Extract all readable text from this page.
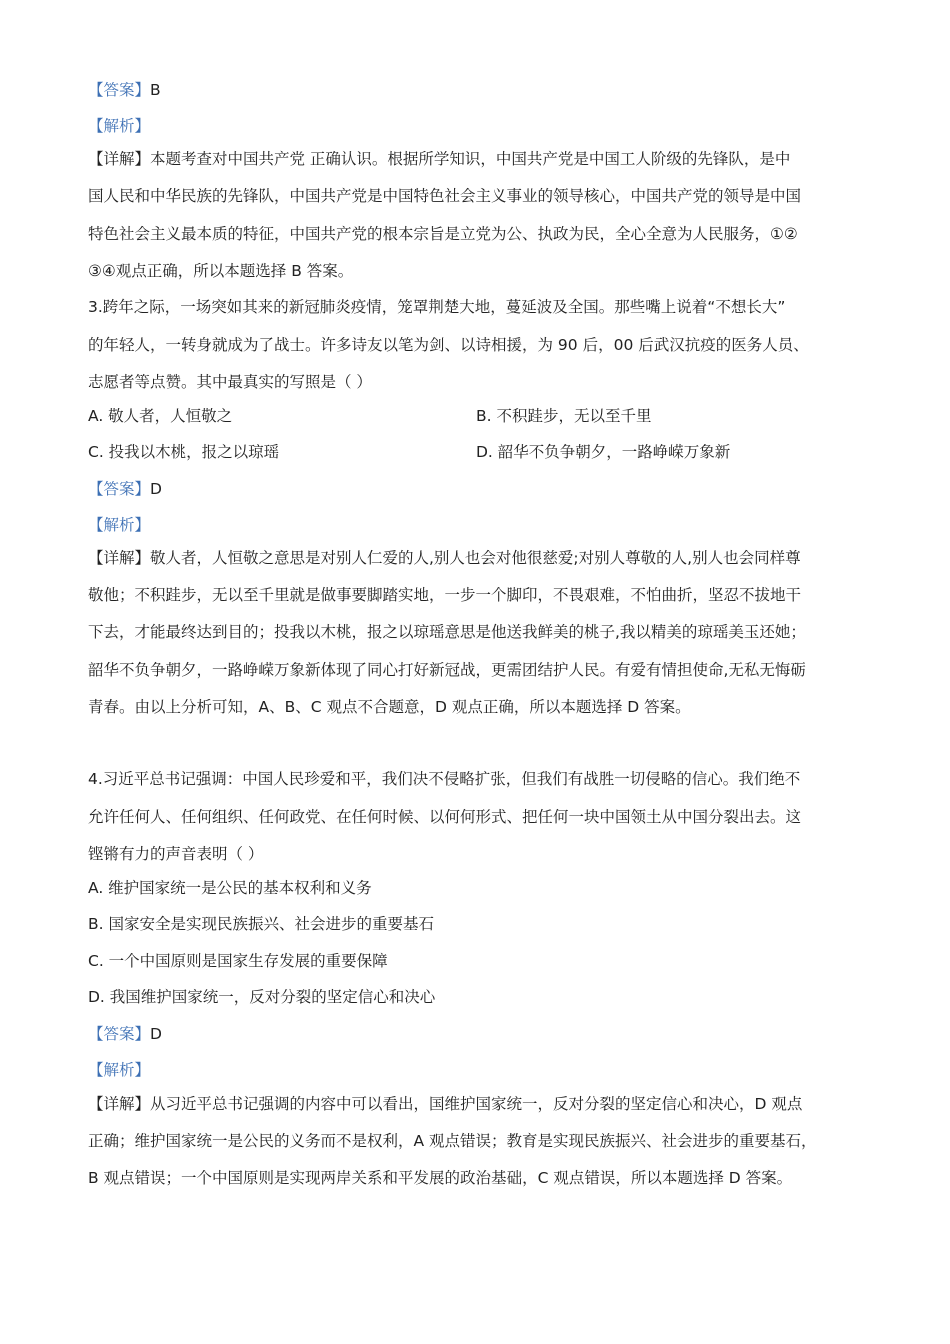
【答案】B
【解析】
【详解】本题考查对中国共产党 正确认识。根据所学知识，中国共产党是中国工人阶级的先锋队，是中
国人民和中华民族的先锋队，中国共产党是中国特色社会主义事业的领导核心，中国共产党的领导是中国
特色社会主义最本质的特征，中国共产党的根本宗旨是立党为公、执政为民，全心全意为人民服务，①②
③④观点正确，所以本题选择 B 答案。
3.跨年之际，一场突如其来的新冠肺炎疫情，笼罩荆楚大地，蔓延波及全国。那些嘴上说着“不想长大”
的年轻人，一转身就成为了战士。许多诗友以笔为剑、以诗相援，为 90 后，00 后武汉抗疫的医务人员、
志愿者等点赞。其中最真实的写照是（ ）
A. 敬人者，人恒敬之	B. 不积跬步，无以至千里
C. 投我以木桃，报之以琼瑶	D. 韶华不负争朝夕，一路峥嵘万象新
【答案】D
【解析】
【详解】敬人者，人恒敬之意思是对别人仁爱的人,别人也会对他很慈爱;对别人尊敬的人,别人也会同样尊
敬他；不积跬步，无以至千里就是做事要脚踏实地，一步一个脚印，不畏艰难，不怕曲折，坚忍不拔地干
下去，才能最终达到目的；投我以木桃，报之以琼瑶意思是他送我鲜美的桃子,我以精美的琼瑶美玉还她；
韶华不负争朝夕，一路峥嵘万象新体现了同心打好新冠战，更需团结护人民。有爱有情担使命,无私无悔砺
青春。由以上分析可知，A、B、C 观点不合题意，D 观点正确，所以本题选择 D 答案。
4.习近平总书记强调：中国人民珍爱和平，我们决不侵略扩张，但我们有战胜一切侵略的信心。我们绝不
允许任何人、任何组织、任何政党、在任何时候、以何何形式、把任何一块中国领土从中国分裂出去。这
铿锵有力的声音表明（ ）
A. 维护国家统一是公民的基本权利和义务
B. 国家安全是实现民族振兴、社会进步的重要基石
C. 一个中国原则是国家生存发展的重要保障
D. 我国维护国家统一，反对分裂的坚定信心和决心
【答案】D
【解析】
【详解】从习近平总书记强调的内容中可以看出，国维护国家统一，反对分裂的坚定信心和决心，D 观点
正确；维护国家统一是公民的义务而不是权利，A 观点错误；教育是实现民族振兴、社会进步的重要基石，
B 观点错误；一个中国原则是实现两岸关系和平发展的政治基础，C 观点错误，所以本题选择 D 答案。
